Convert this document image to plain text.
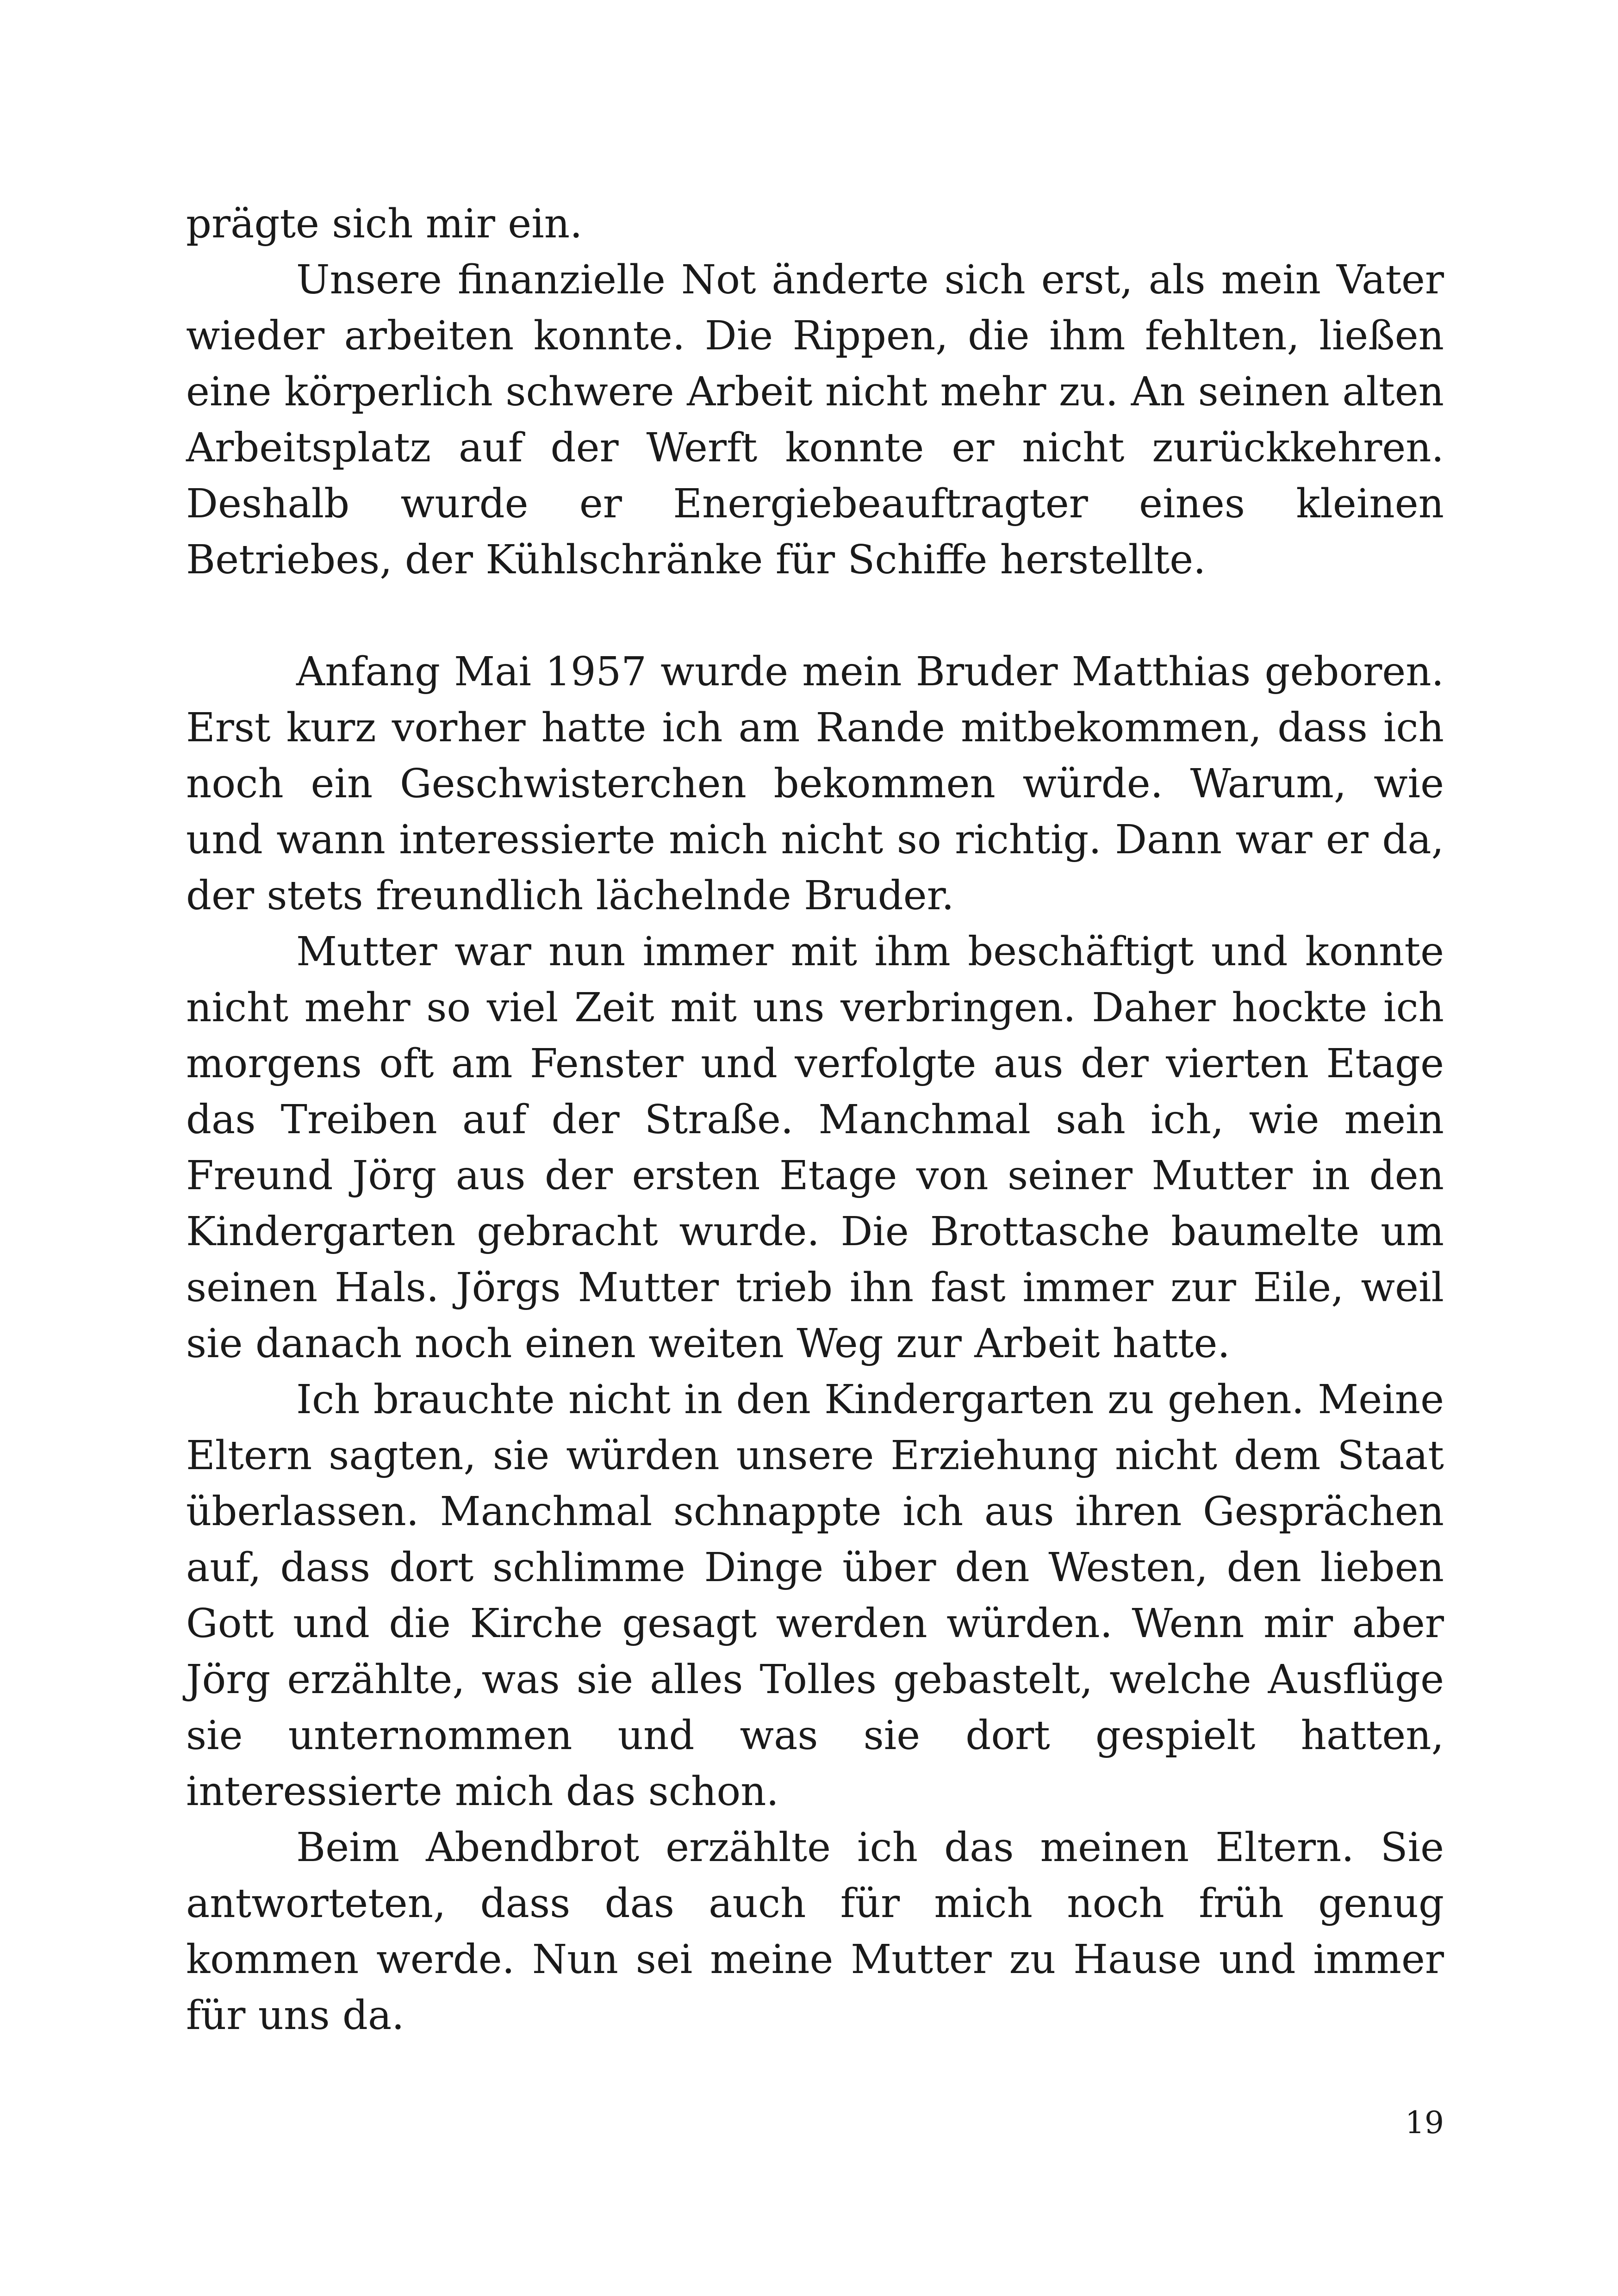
prägte sich mir ein.

Unsere finanzielle Not änderte sich erst, als mein Vater wieder arbeiten konnte. Die Rippen, die ihm fehlten, ließen eine körperlich schwere Arbeit nicht mehr zu. An seinen alten Arbeitsplatz auf der Werft konnte er nicht zurückkehren. Deshalb wurde er Energiebeauftragter eines kleinen Betriebes, der Kühlschränke für Schiffe herstellte.

Anfang Mai 1957 wurde mein Bruder Matthias geboren. Erst kurz vorher hatte ich am Rande mitbekommen, dass ich noch ein Geschwisterchen bekommen würde. Warum, wie und wann interessierte mich nicht so richtig. Dann war er da, der stets freundlich lächelnde Bruder.

Mutter war nun immer mit ihm beschäftigt und konnte nicht mehr so viel Zeit mit uns verbringen. Daher hockte ich morgens oft am Fenster und verfolgte aus der vierten Etage das Treiben auf der Straße. Manchmal sah ich, wie mein Freund Jörg aus der ersten Etage von seiner Mutter in den Kindergarten gebracht wurde. Die Brottasche baumelte um seinen Hals. Jörgs Mutter trieb ihn fast immer zur Eile, weil sie danach noch einen weiten Weg zur Arbeit hatte.

Ich brauchte nicht in den Kindergarten zu gehen. Meine Eltern sagten, sie würden unsere Erziehung nicht dem Staat überlassen. Manchmal schnappte ich aus ihren Gesprächen auf, dass dort schlimme Dinge über den Westen, den lieben Gott und die Kirche gesagt werden würden. Wenn mir aber Jörg erzählte, was sie alles Tolles gebastelt, welche Ausflüge sie unternommen und was sie dort gespielt hatten, interessierte mich das schon.

Beim Abendbrot erzählte ich das meinen Eltern. Sie antworteten, dass das auch für mich noch früh genug kommen werde. Nun sei meine Mutter zu Hause und immer für uns da.

19
